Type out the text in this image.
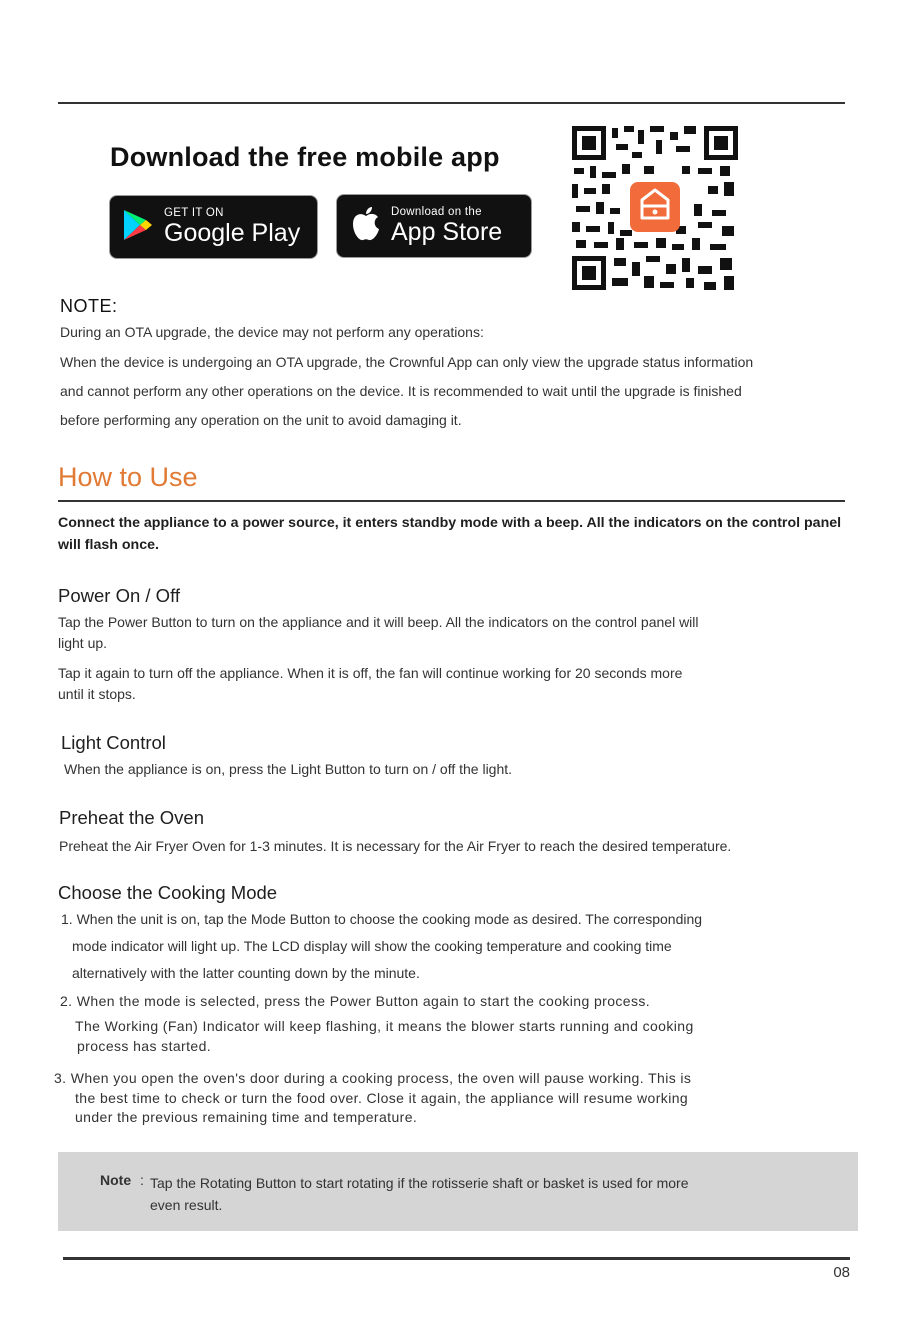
Download the free mobile app
GET IT ON
Google Play
Download on the
App Store
NOTE:
During an OTA upgrade, the device may not perform any operations:
When the device is undergoing an OTA upgrade, the Crownful App can only view the upgrade status information
and cannot perform any other operations on the device. It is recommended to wait until the upgrade is finished
before performing any operation on the unit to avoid damaging it.
How to Use
Connect the appliance to a power source, it enters standby mode with a beep. All the indicators on the control panel will flash once.
Power On / Off
Tap the Power Button to turn on the appliance and it will beep. All the indicators on the control panel will
light up.
Tap it again to turn off the appliance. When it is off, the fan will continue working for 20 seconds more
until it stops.
Light Control
When the appliance is on, press the Light Button to turn on / off the light.
Preheat the Oven
Preheat the Air Fryer Oven for 1-3 minutes. It is necessary for the Air Fryer to reach the desired temperature.
Choose the Cooking Mode
1. When the unit is on, tap the Mode Button to choose the cooking mode as desired. The corresponding
mode indicator will light up. The LCD display will show the cooking temperature and cooking time
alternatively with the latter counting down by the minute.
2. When the mode is selected, press the Power Button again to start the cooking process.
The Working (Fan) Indicator will keep flashing, it means the blower starts running and cooking
process has started.
3. When you open the oven's door during a cooking process, the oven will pause working. This is
the best time to check or turn the food over. Close it again, the appliance will resume working
under the previous remaining time and temperature.
Note : Tap the Rotating Button to start rotating if the rotisserie shaft or basket is used for more
even result.
08
